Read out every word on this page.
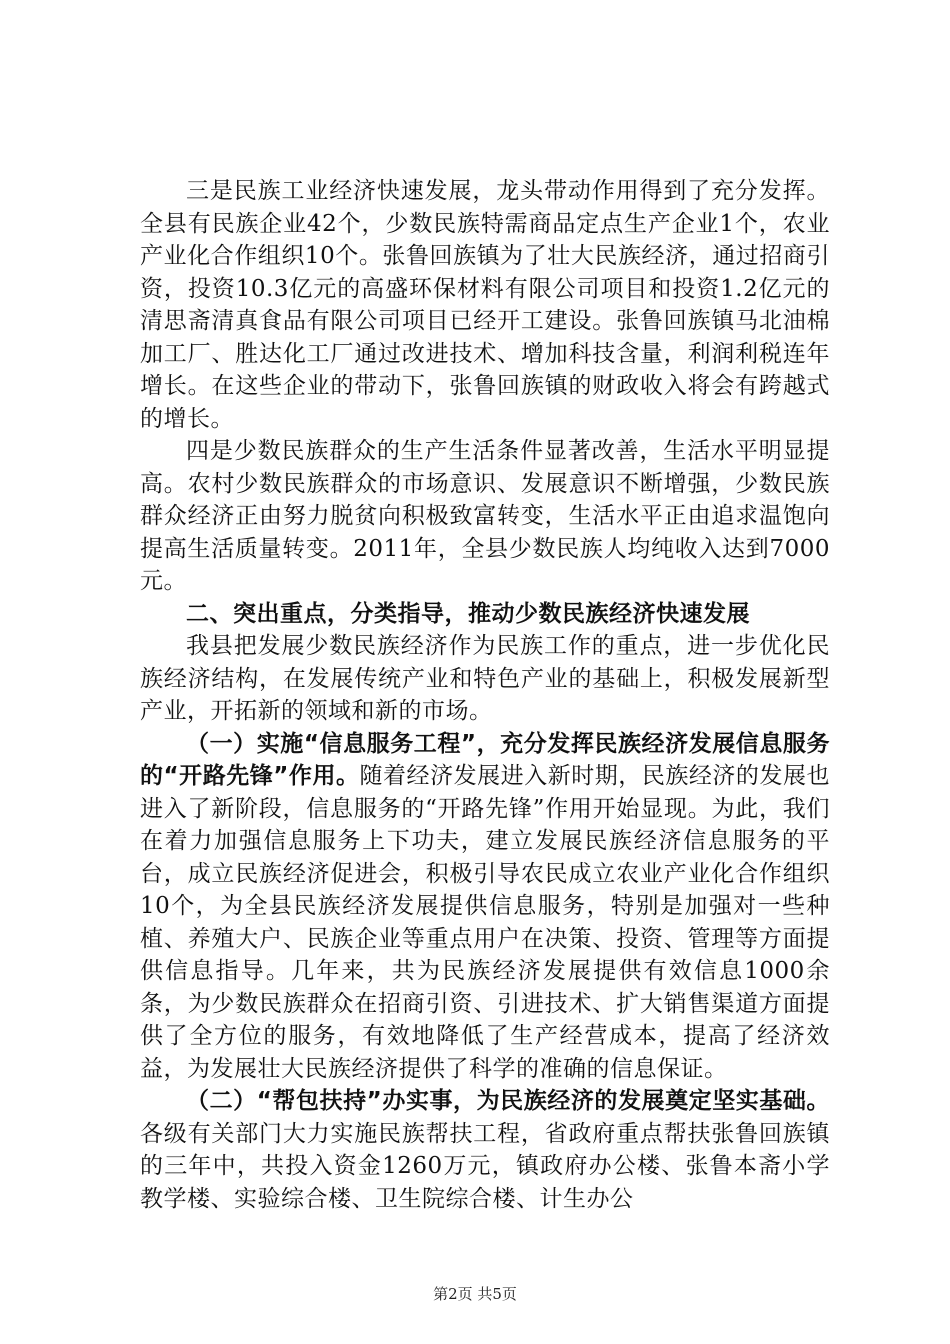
三是民族工业经济快速发展，龙头带动作用得到了充分发挥。全县有民族企业42个，少数民族特需商品定点生产企业1个，农业产业化合作组织10个。张鲁回族镇为了壮大民族经济，通过招商引资，投资10.3亿元的高盛环保材料有限公司项目和投资1.2亿元的清思斋清真食品有限公司项目已经开工建设。张鲁回族镇马北油棉加工厂、胜达化工厂通过改进技术、增加科技含量，利润利税连年增长。在这些企业的带动下，张鲁回族镇的财政收入将会有跨越式的增长。

四是少数民族群众的生产生活条件显著改善，生活水平明显提高。农村少数民族群众的市场意识、发展意识不断增强，少数民族群众经济正由努力脱贫向积极致富转变，生活水平正由追求温饱向提高生活质量转变。2011年，全县少数民族人均纯收入达到7000元。

二、突出重点，分类指导，推动少数民族经济快速发展

我县把发展少数民族经济作为民族工作的重点，进一步优化民族经济结构，在发展传统产业和特色产业的基础上，积极发展新型产业，开拓新的领域和新的市场。

（一）实施“信息服务工程”，充分发挥民族经济发展信息服务的“开路先锋”作用。随着经济发展进入新时期，民族经济的发展也进入了新阶段，信息服务的“开路先锋”作用开始显现。为此，我们在着力加强信息服务上下功夫，建立发展民族经济信息服务的平台，成立民族经济促进会，积极引导农民成立农业产业化合作组织10个，为全县民族经济发展提供信息服务，特别是加强对一些种植、养殖大户、民族企业等重点用户在决策、投资、管理等方面提供信息指导。几年来，共为民族经济发展提供有效信息1000余条，为少数民族群众在招商引资、引进技术、扩大销售渠道方面提供了全方位的服务，有效地降低了生产经营成本，提高了经济效益，为发展壮大民族经济提供了科学的准确的信息保证。

（二）“帮包扶持”办实事，为民族经济的发展奠定坚实基础。各级有关部门大力实施民族帮扶工程，省政府重点帮扶张鲁回族镇的三年中，共投入资金1260万元，镇政府办公楼、张鲁本斋小学教学楼、实验综合楼、卫生院综合楼、计生办公

第2页 共5页
